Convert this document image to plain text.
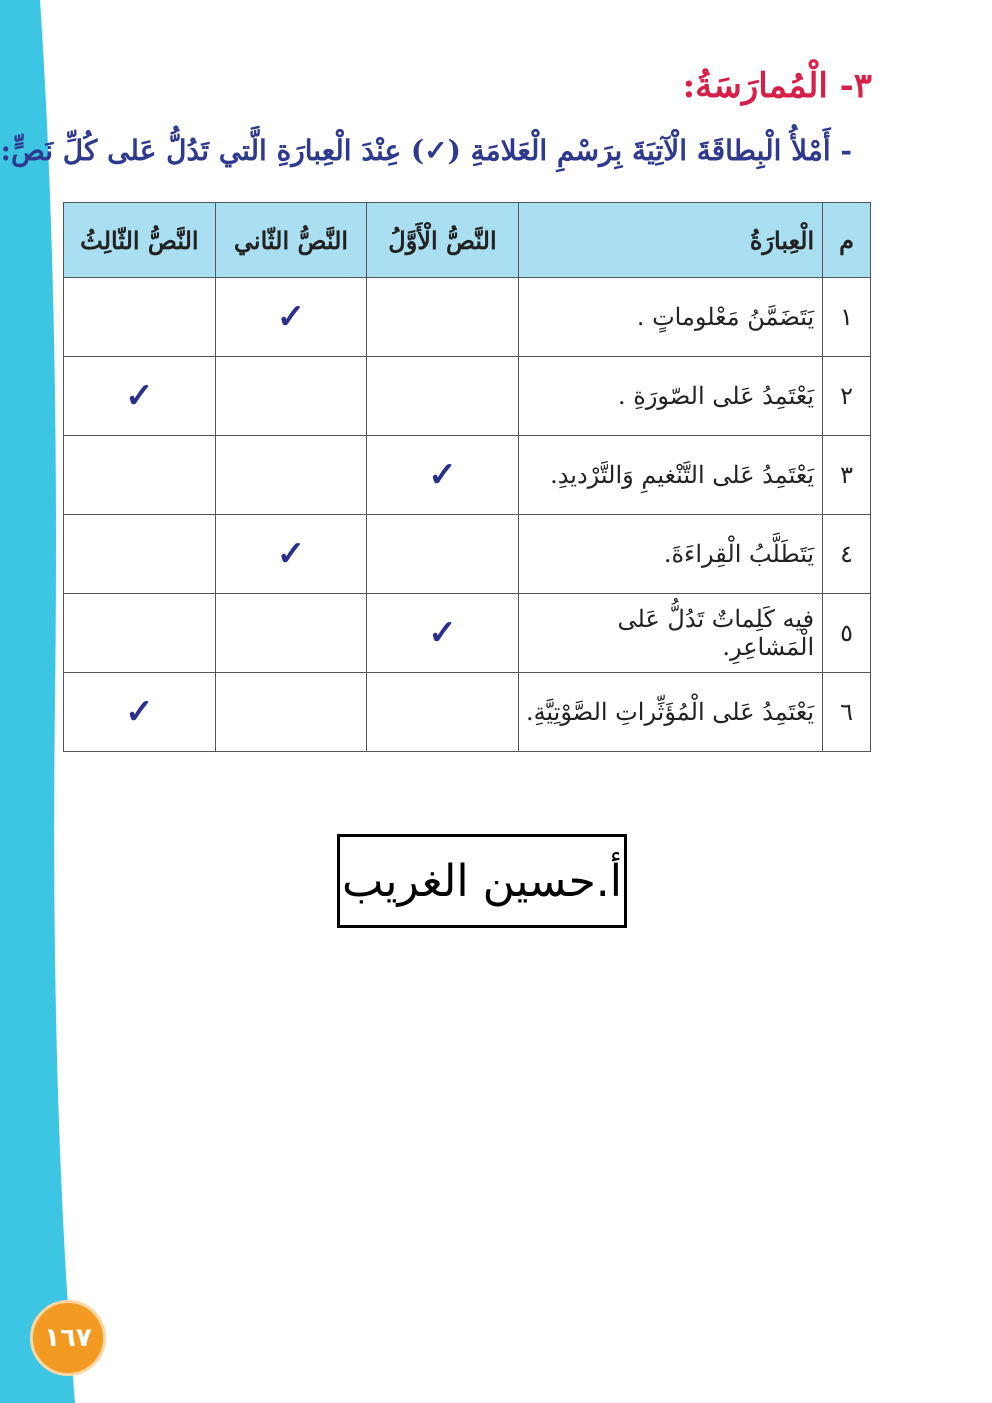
٣- الْمُمارَسَةُ:
- أَمْلأُ الْبِطاقَةَ الْآتِيَةَ بِرَسْمِ الْعَلامَةِ (✓) عِنْدَ الْعِبارَةِ الَّتي تَدُلُّ عَلى كُلِّ نَصٍّ:
م	الْعِبارَةُ	النَّصُّ الْأَوَّلُ	النَّصُّ الثّاني	النَّصُّ الثّالِثُ
١	يَتَضَمَّنُ مَعْلوماتٍ .		✓	
٢	يَعْتَمِدُ عَلى الصّورَةِ .			✓
٣	يَعْتَمِدُ عَلى التَّنْغيمِ وَالتَّرْديدِ.	✓		
٤	يَتَطَلَّبُ الْقِراءَةَ.		✓	
٥	فيه كَلِماتٌ تَدُلُّ عَلى الْمَشاعِرِ.	✓		
٦	يَعْتَمِدُ عَلى الْمُؤَثِّراتِ الصَّوْتِيَّةِ.			✓
أ.حسين الغريب
١٦٧
